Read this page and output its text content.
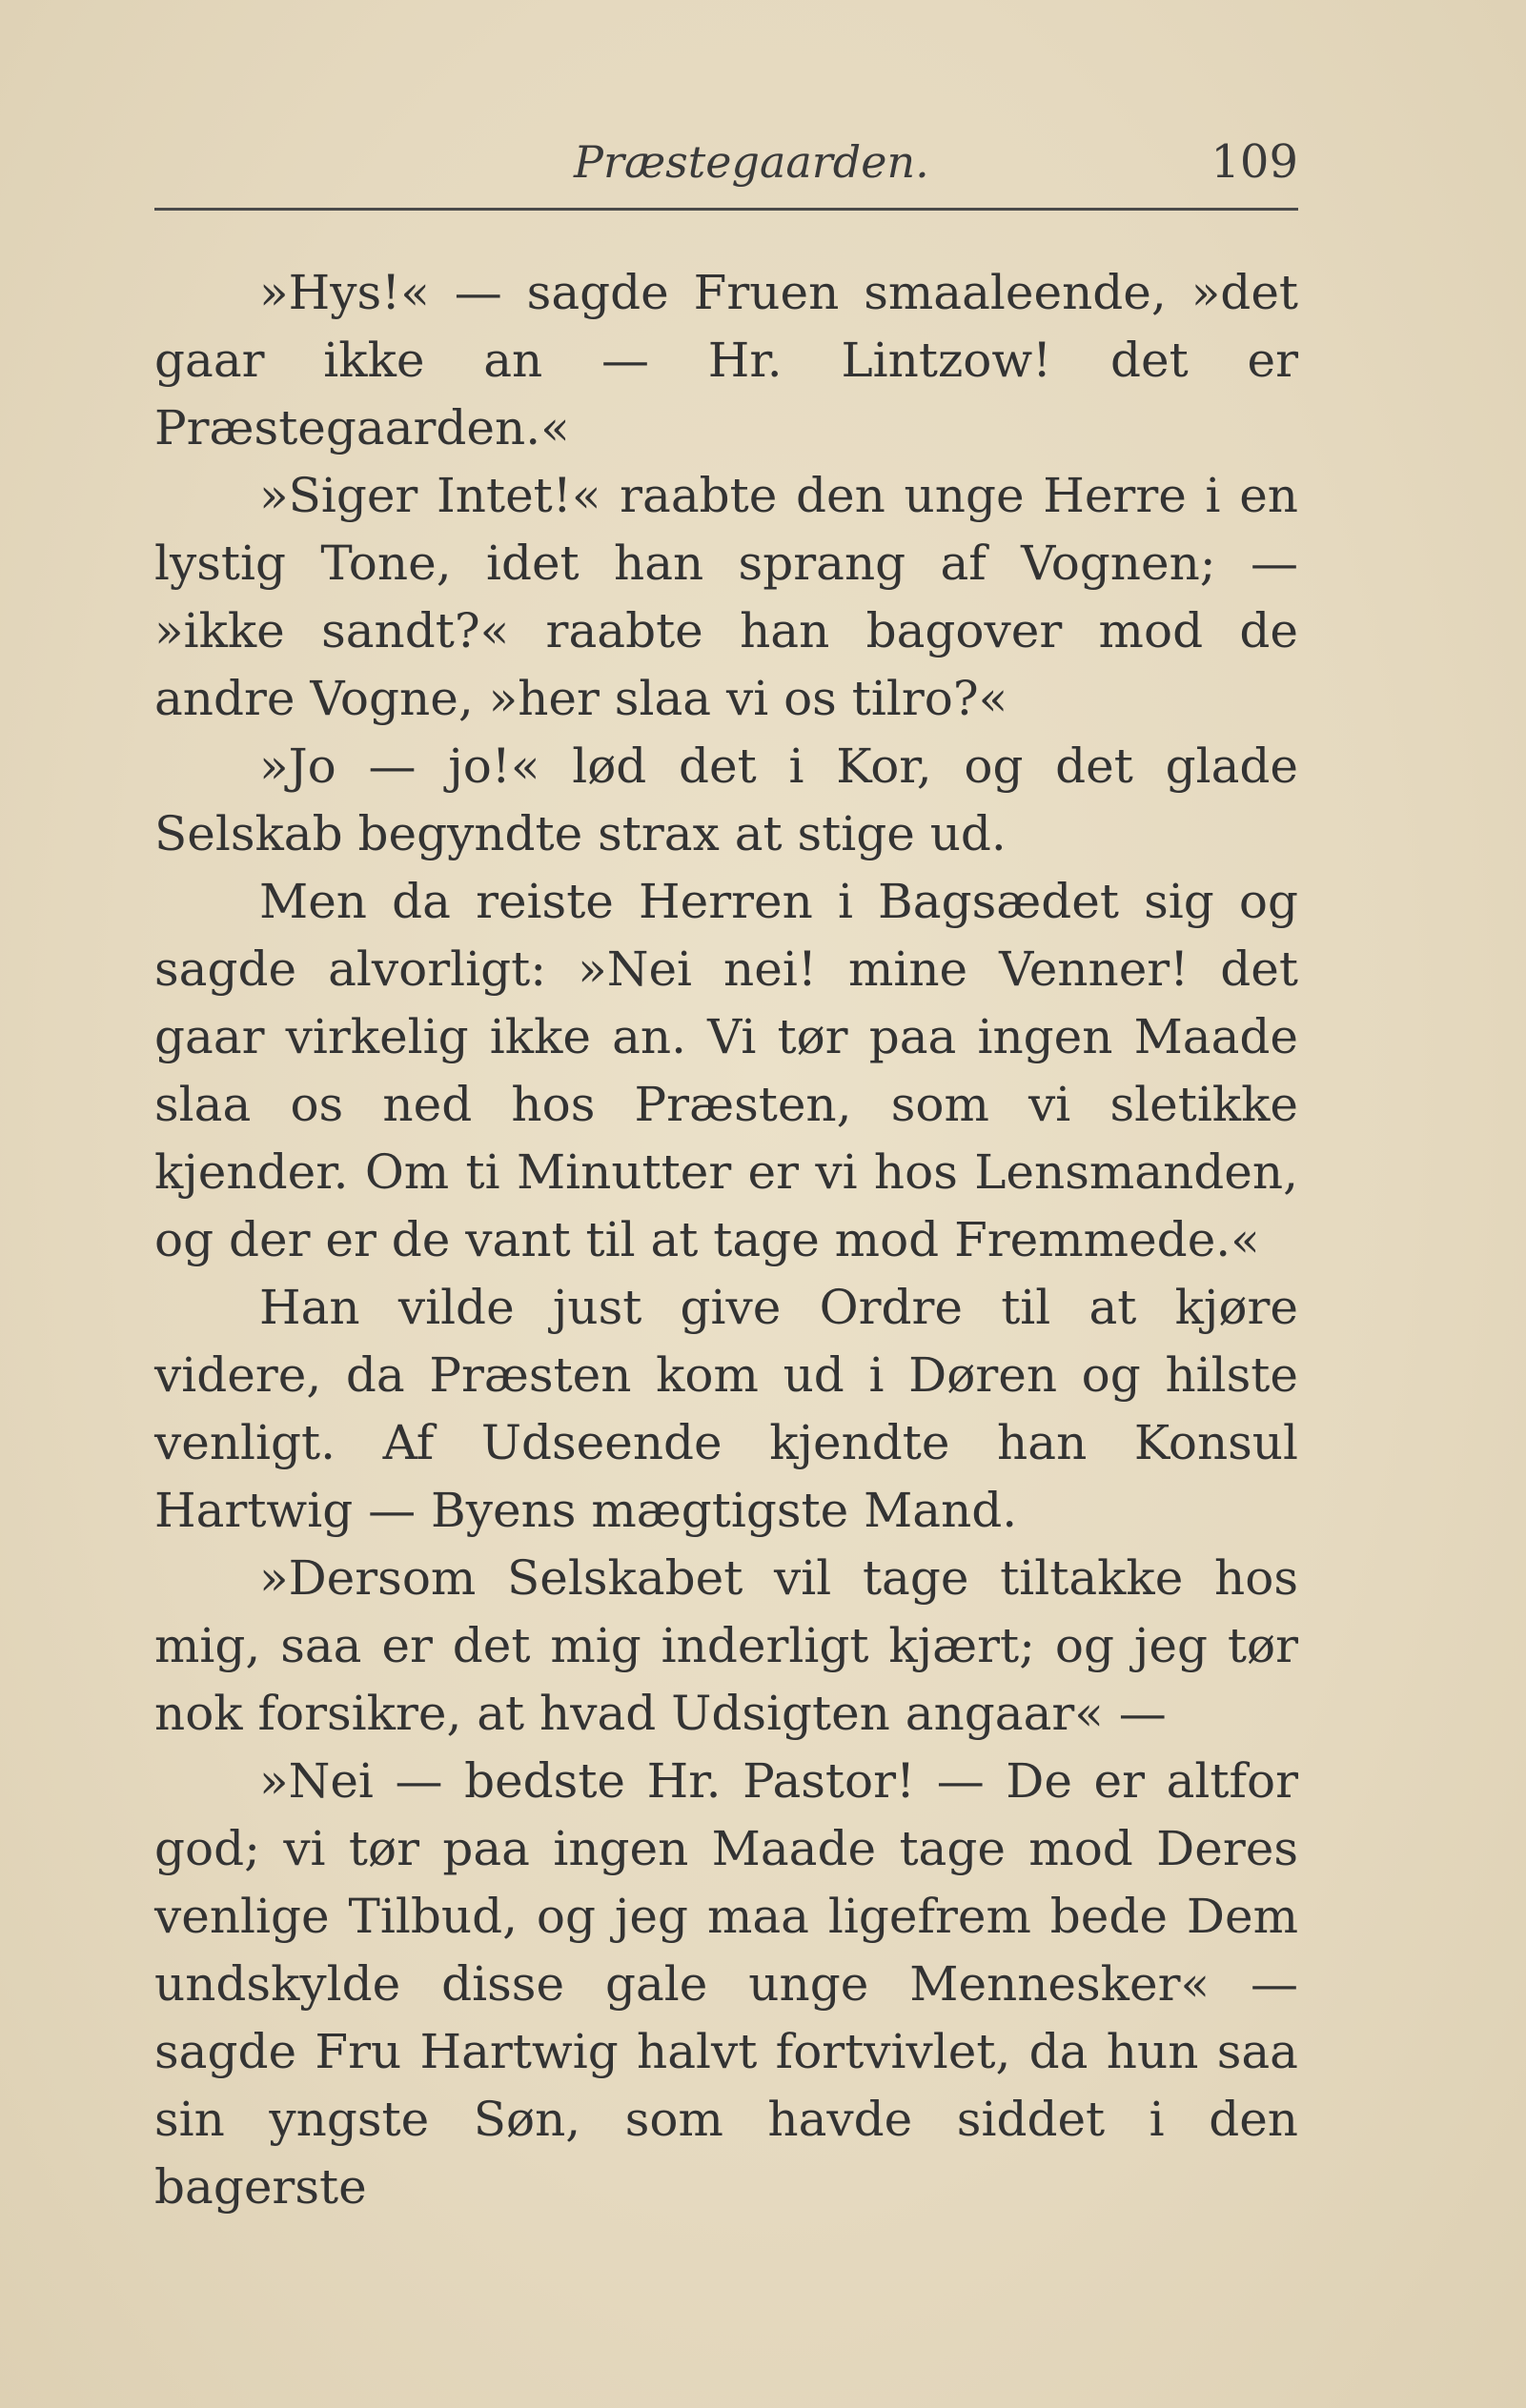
Præstegaarden.	109

»Hys!« — sagde Fruen smaaleende, »det gaar ikke an — Hr. Lintzow! det er Præstegaarden.«

»Siger Intet!« raabte den unge Herre i en lystig Tone, idet han sprang af Vognen; — »ikke sandt?« raabte han bagover mod de andre Vogne, »her slaa vi os tilro?«

»Jo — jo!« lød det i Kor, og det glade Selskab begyndte strax at stige ud.

Men da reiste Herren i Bagsædet sig og sagde alvorligt: »Nei nei! mine Venner! det gaar virkelig ikke an. Vi tør paa ingen Maade slaa os ned hos Præsten, som vi sletikke kjender. Om ti Minutter er vi hos Lensmanden, og der er de vant til at tage mod Fremmede.«

Han vilde just give Ordre til at kjøre videre, da Præsten kom ud i Døren og hilste venligt. Af Udseende kjendte han Konsul Hartwig — Byens mægtigste Mand.

»Dersom Selskabet vil tage tiltakke hos mig, saa er det mig inderligt kjært; og jeg tør nok forsikre, at hvad Udsigten angaar« —

»Nei — bedste Hr. Pastor! — De er altfor god; vi tør paa ingen Maade tage mod Deres venlige Tilbud, og jeg maa ligefrem bede Dem undskylde disse gale unge Mennesker« — sagde Fru Hartwig halvt fortvivlet, da hun saa sin yngste Søn, som havde siddet i den bagerste
